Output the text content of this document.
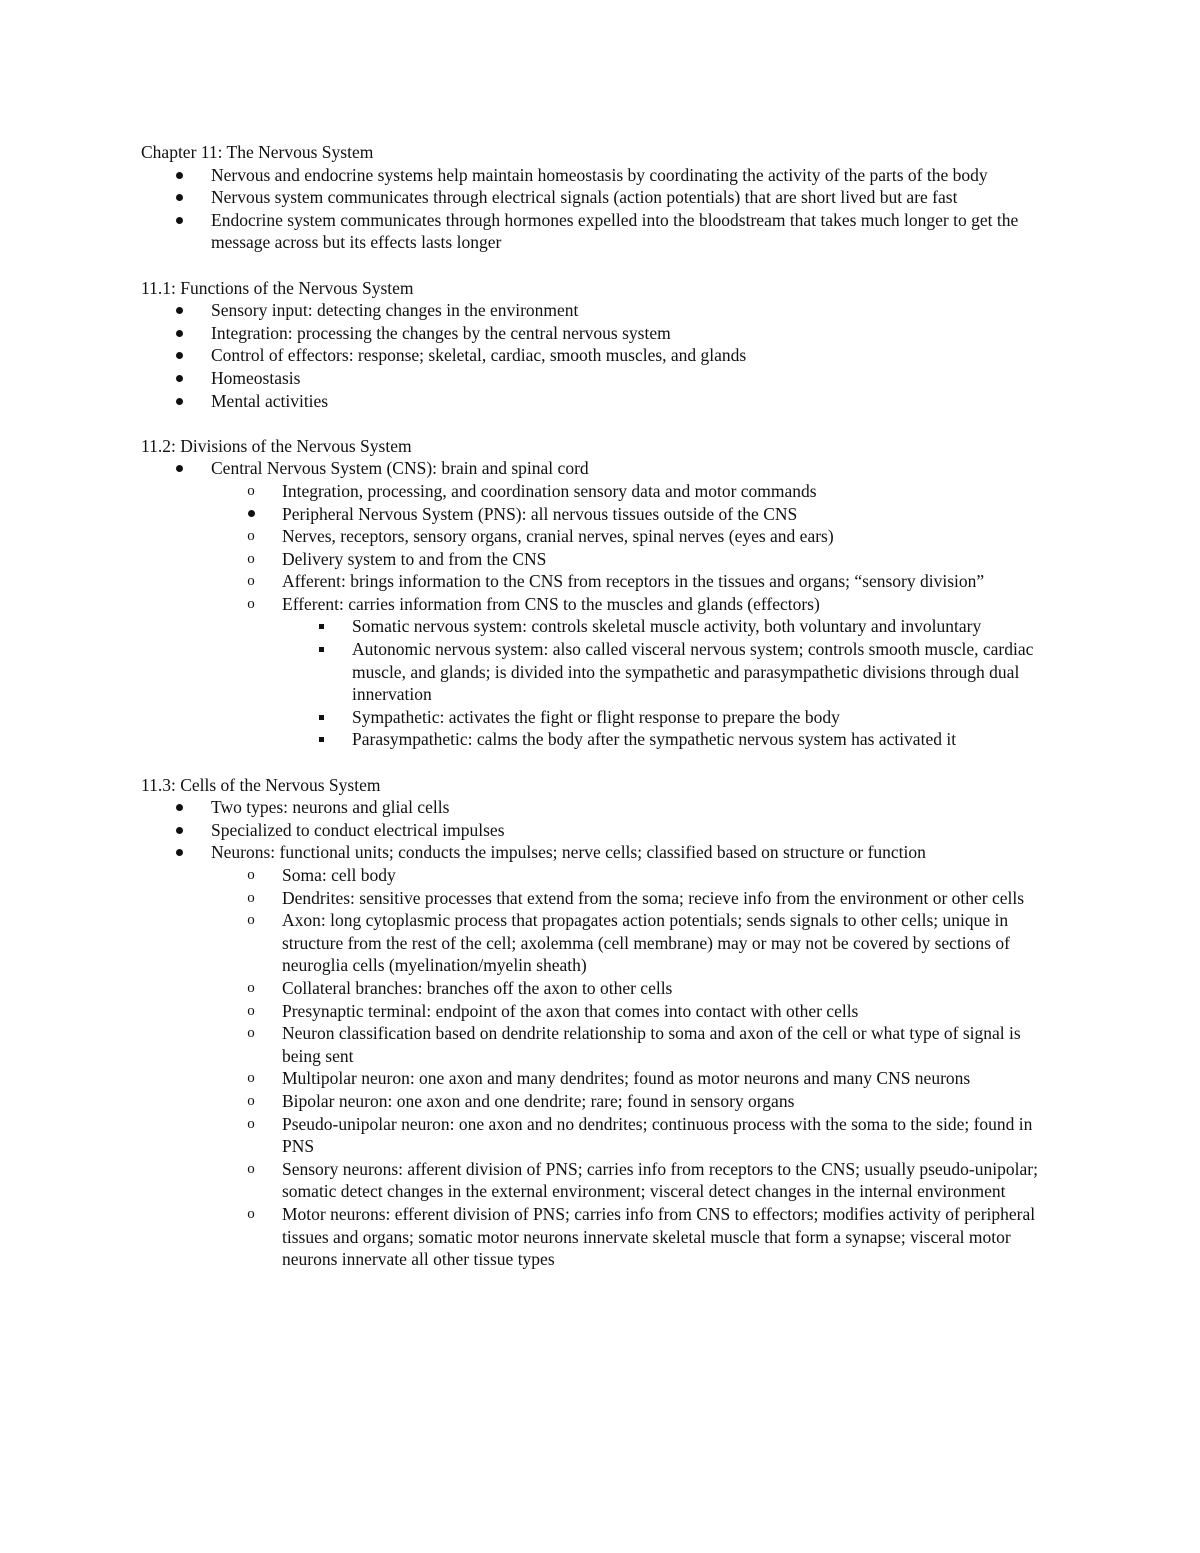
Chapter 11: The Nervous System
Nervous and endocrine systems help maintain homeostasis by coordinating the activity of the parts of the body
Nervous system communicates through electrical signals (action potentials) that are short lived but are fast
Endocrine system communicates through hormones expelled into the bloodstream that takes much longer to get the message across but its effects lasts longer
11.1: Functions of the Nervous System
Sensory input: detecting changes in the environment
Integration: processing the changes by the central nervous system
Control of effectors: response; skeletal, cardiac, smooth muscles, and glands
Homeostasis
Mental activities
11.2: Divisions of the Nervous System
Central Nervous System (CNS): brain and spinal cord
o Integration, processing, and coordination sensory data and motor commands
Peripheral Nervous System (PNS): all nervous tissues outside of the CNS
o Nerves, receptors, sensory organs, cranial nerves, spinal nerves (eyes and ears)
o Delivery system to and from the CNS
o Afferent: brings information to the CNS from receptors in the tissues and organs; “sensory division”
o Efferent: carries information from CNS to the muscles and glands (effectors)
Somatic nervous system: controls skeletal muscle activity, both voluntary and involuntary
Autonomic nervous system: also called visceral nervous system; controls smooth muscle, cardiac muscle, and glands; is divided into the sympathetic and parasympathetic divisions through dual innervation
Sympathetic: activates the fight or flight response to prepare the body
Parasympathetic: calms the body after the sympathetic nervous system has activated it
11.3: Cells of the Nervous System
Two types: neurons and glial cells
Specialized to conduct electrical impulses
Neurons: functional units; conducts the impulses; nerve cells; classified based on structure or function
o Soma: cell body
o Dendrites: sensitive processes that extend from the soma; recieve info from the environment or other cells
o Axon: long cytoplasmic process that propagates action potentials; sends signals to other cells; unique in structure from the rest of the cell; axolemma (cell membrane) may or may not be covered by sections of neuroglia cells (myelination/myelin sheath)
o Collateral branches: branches off the axon to other cells
o Presynaptic terminal: endpoint of the axon that comes into contact with other cells
o Neuron classification based on dendrite relationship to soma and axon of the cell or what type of signal is being sent
o Multipolar neuron: one axon and many dendrites; found as motor neurons and many CNS neurons
o Bipolar neuron: one axon and one dendrite; rare; found in sensory organs
o Pseudo-unipolar neuron: one axon and no dendrites; continuous process with the soma to the side; found in PNS
o Sensory neurons: afferent division of PNS; carries info from receptors to the CNS; usually pseudo-unipolar; somatic detect changes in the external environment; visceral detect changes in the internal environment
o Motor neurons: efferent division of PNS; carries info from CNS to effectors; modifies activity of peripheral tissues and organs; somatic motor neurons innervate skeletal muscle that form a synapse; visceral motor neurons innervate all other tissue types
